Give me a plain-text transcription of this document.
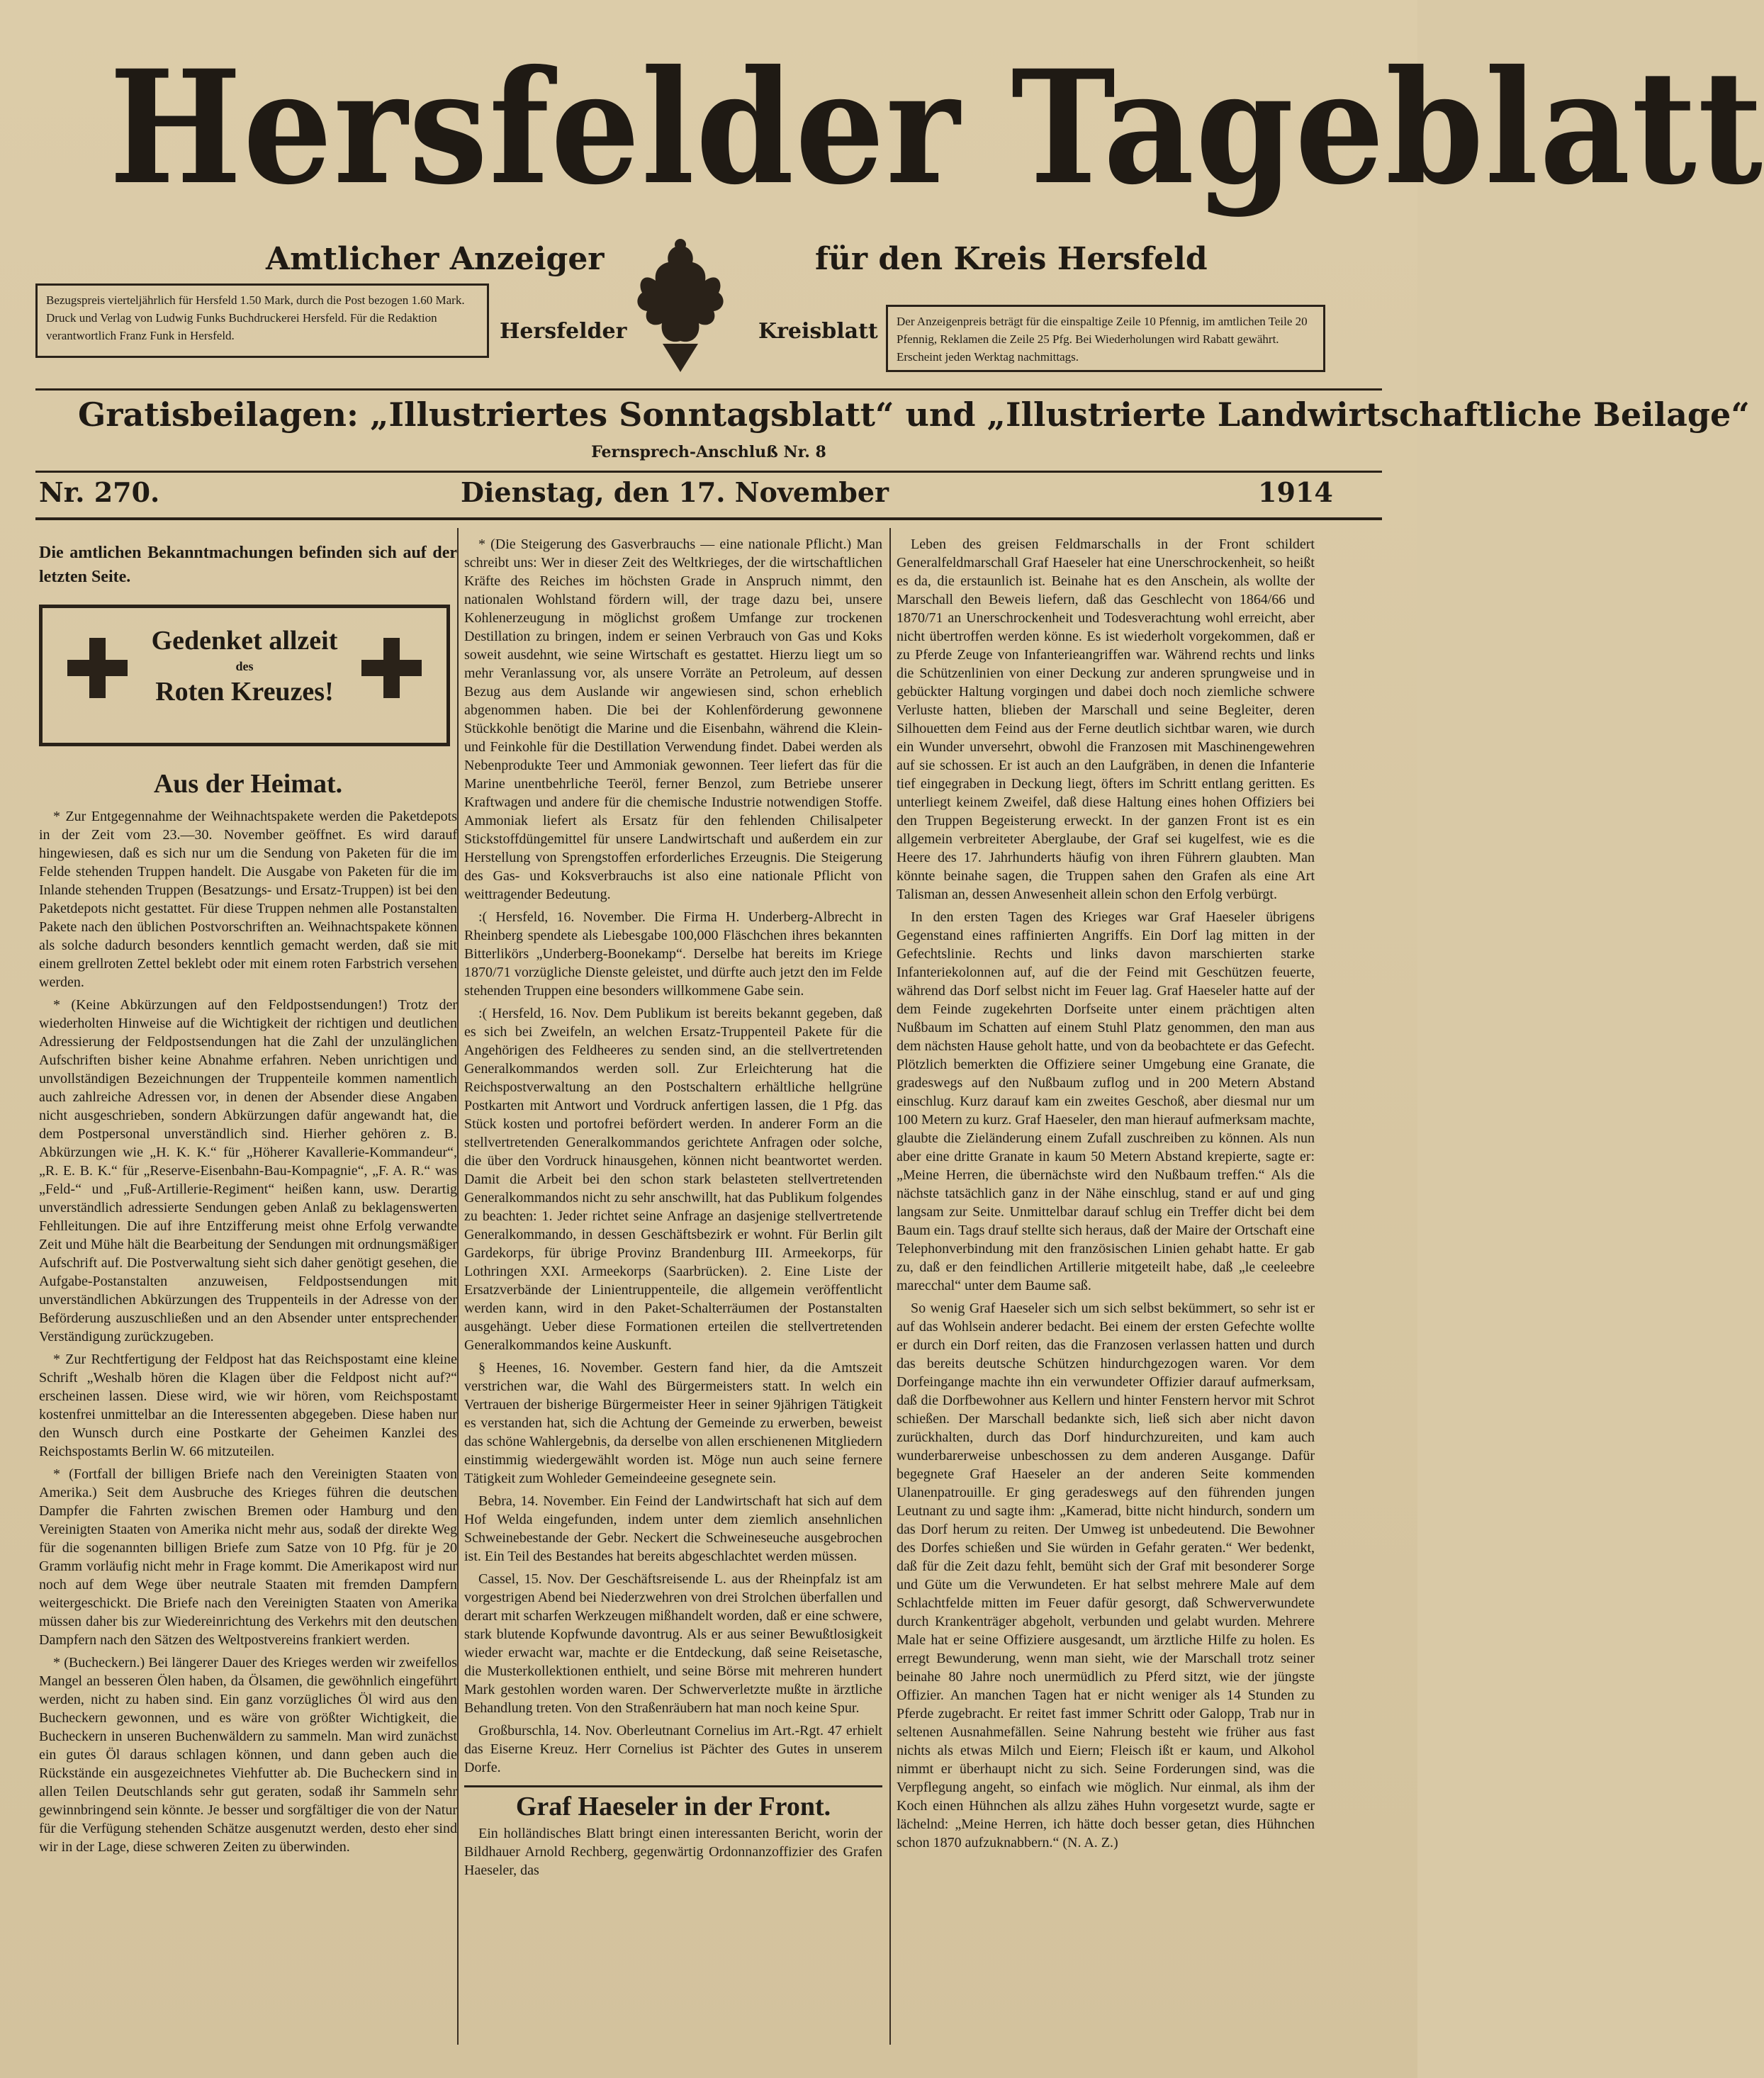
Hersfelder Tageblatt
Amtlicher Anzeiger	für den Kreis Hersfeld
Bezugspreis vierteljährlich für Hersfeld 1.50 Mark, durch die Post bezogen 1.60 Mark. Druck und Verlag von Ludwig Funks Buchdruckerei Hersfeld. Für die Redaktion verantwortlich Franz Funk in Hersfeld.	Hersfelder	Kreisblatt	Der Anzeigenpreis beträgt für die einspaltige Zeile 10 Pfennig, im amtlichen Teile 20 Pfennig, Reklamen die Zeile 25 Pfg. Bei Wiederholungen wird Rabatt gewährt. Erscheint jeden Werktag nachmittags.
Gratisbeilagen: „Illustriertes Sonntagsblatt“ und „Illustrierte Landwirtschaftliche Beilage“
Fernsprech-Anschluß Nr. 8
Nr. 270.	Dienstag, den 17. November	1914
Die amtlichen Bekanntmachungen befinden sich auf der letzten Seite.
Gedenket allzeit
des
Roten Kreuzes!
Aus der Heimat.

* Zur Entgegennahme der Weihnachtspakete werden die Paketdepots in der Zeit vom 23.—30. November geöffnet. Es wird darauf hingewiesen, daß es sich nur um die Sendung von Paketen für die im Felde stehenden Truppen handelt. Die Ausgabe von Paketen für die im Inlande stehenden Truppen (Besatzungs- und Ersatz-Truppen) ist bei den Paketdepots nicht gestattet. Für diese Truppen nehmen alle Postanstalten Pakete nach den üblichen Postvorschriften an. Weihnachtspakete können als solche dadurch besonders kenntlich gemacht werden, daß sie mit einem grellroten Zettel beklebt oder mit einem roten Farbstrich versehen werden.

* (Keine Abkürzungen auf den Feldpostsendungen!) Trotz der wiederholten Hinweise auf die Wichtigkeit der richtigen und deutlichen Adressierung der Feldpostsendungen hat die Zahl der unzulänglichen Aufschriften bisher keine Abnahme erfahren. Neben unrichtigen und unvollständigen Bezeichnungen der Truppenteile kommen namentlich auch zahlreiche Adressen vor, in denen der Absender diese Angaben nicht ausgeschrieben, sondern Abkürzungen dafür angewandt hat, die dem Postpersonal unverständlich sind. Hierher gehören z. B. Abkürzungen wie „H. K. K.“ für „Höherer Kavallerie-Kommandeur“, „R. E. B. K.“ für „Reserve-Eisenbahn-Bau-Kompagnie“, „F. A. R.“ was „Feld-“ und „Fuß-Artillerie-Regiment“ heißen kann, usw. Derartig unverständlich adressierte Sendungen geben Anlaß zu beklagenswerten Fehlleitungen. Die auf ihre Entzifferung meist ohne Erfolg verwandte Zeit und Mühe hält die Bearbeitung der Sendungen mit ordnungsmäßiger Aufschrift auf. Die Postverwaltung sieht sich daher genötigt gesehen, die Aufgabe-Postanstalten anzuweisen, Feldpostsendungen mit unverständlichen Abkürzungen des Truppenteils in der Adresse von der Beförderung auszuschließen und an den Absender unter entsprechender Verständigung zurückzugeben.

* Zur Rechtfertigung der Feldpost hat das Reichspostamt eine kleine Schrift „Weshalb hören die Klagen über die Feldpost nicht auf?“ erscheinen lassen. Diese wird, wie wir hören, vom Reichspostamt kostenfrei unmittelbar an die Interessenten abgegeben. Diese haben nur den Wunsch durch eine Postkarte der Geheimen Kanzlei des Reichspostamts Berlin W. 66 mitzuteilen.

* (Fortfall der billigen Briefe nach den Vereinigten Staaten von Amerika.) Seit dem Ausbruche des Krieges führen die deutschen Dampfer die Fahrten zwischen Bremen oder Hamburg und den Vereinigten Staaten von Amerika nicht mehr aus, sodaß der direkte Weg für die sogenannten billigen Briefe zum Satze von 10 Pfg. für je 20 Gramm vorläufig nicht mehr in Frage kommt. Die Amerikapost wird nur noch auf dem Wege über neutrale Staaten mit fremden Dampfern weitergeschickt. Die Briefe nach den Vereinigten Staaten von Amerika müssen daher bis zur Wiedereinrichtung des Verkehrs mit den deutschen Dampfern nach den Sätzen des Weltpostvereins frankiert werden.

* (Bucheckern.) Bei längerer Dauer des Krieges werden wir zweifellos Mangel an besseren Ölen haben, da Ölsamen, die gewöhnlich eingeführt werden, nicht zu haben sind. Ein ganz vorzügliches Öl wird aus den Bucheckern gewonnen, und es wäre von größter Wichtigkeit, die Bucheckern in unseren Buchenwäldern zu sammeln. Man wird zunächst ein gutes Öl daraus schlagen können, und dann geben auch die Rückstände ein ausgezeichnetes Viehfutter ab. Die Bucheckern sind in allen Teilen Deutschlands sehr gut geraten, sodaß ihr Sammeln sehr gewinnbringend sein könnte. Je besser und sorgfältiger die von der Natur für die Verfügung stehenden Schätze ausgenutzt werden, desto eher sind wir in der Lage, diese schweren Zeiten zu überwinden.

* (Die Steigerung des Gasverbrauchs — eine nationale Pflicht.) Man schreibt uns: Wer in dieser Zeit des Weltkrieges, der die wirtschaftlichen Kräfte des Reiches im höchsten Grade in Anspruch nimmt, den nationalen Wohlstand fördern will, der trage dazu bei, unsere Kohlenerzeugung in möglichst großem Umfange zur trockenen Destillation zu bringen, indem er seinen Verbrauch von Gas und Koks soweit ausdehnt, wie seine Wirtschaft es gestattet. Hierzu liegt um so mehr Veranlassung vor, als unsere Vorräte an Petroleum, auf dessen Bezug aus dem Auslande wir angewiesen sind, schon erheblich abgenommen haben. Die bei der Kohlenförderung gewonnene Stückkohle benötigt die Marine und die Eisenbahn, während die Klein- und Feinkohle für die Destillation Verwendung findet. Dabei werden als Nebenprodukte Teer und Ammoniak gewonnen. Teer liefert das für die Marine unentbehrliche Teeröl, ferner Benzol, zum Betriebe unserer Kraftwagen und andere für die chemische Industrie notwendigen Stoffe. Ammoniak liefert als Ersatz für den fehlenden Chilisalpeter Stickstoffdüngemittel für unsere Landwirtschaft und außerdem ein zur Herstellung von Sprengstoffen erforderliches Erzeugnis. Die Steigerung des Gas- und Koksverbrauchs ist also eine nationale Pflicht von weittragender Bedeutung.

:( Hersfeld, 16. November. Die Firma H. Underberg-Albrecht in Rheinberg spendete als Liebesgabe 100,000 Fläschchen ihres bekannten Bitterlikörs „Underberg-Boonekamp“. Derselbe hat bereits im Kriege 1870/71 vorzügliche Dienste geleistet, und dürfte auch jetzt den im Felde stehenden Truppen eine besonders willkommene Gabe sein.

:( Hersfeld, 16. Nov. Dem Publikum ist bereits bekannt gegeben, daß es sich bei Zweifeln, an welchen Ersatz-Truppenteil Pakete für die Angehörigen des Feldheeres zu senden sind, an die stellvertretenden Generalkommandos werden soll. Zur Erleichterung hat die Reichspostverwaltung an den Postschaltern erhältliche hellgrüne Postkarten mit Antwort und Vordruck anfertigen lassen, die 1 Pfg. das Stück kosten und portofrei befördert werden. In anderer Form an die stellvertretenden Generalkommandos gerichtete Anfragen oder solche, die über den Vordruck hinausgehen, können nicht beantwortet werden. Damit die Arbeit bei den schon stark belasteten stellvertretenden Generalkommandos nicht zu sehr anschwillt, hat das Publikum folgendes zu beachten: 1. Jeder richtet seine Anfrage an dasjenige stellvertretende Generalkommando, in dessen Geschäftsbezirk er wohnt. Für Berlin gilt Gardekorps, für übrige Provinz Brandenburg III. Armeekorps, für Lothringen XXI. Armeekorps (Saarbrücken). 2. Eine Liste der Ersatzverbände der Linientruppenteile, die allgemein veröffentlicht werden kann, wird in den Paket-Schalterräumen der Postanstalten ausgehängt. Ueber diese Formationen erteilen die stellvertretenden Generalkommandos keine Auskunft.

§ Heenes, 16. November. Gestern fand hier, da die Amtszeit verstrichen war, die Wahl des Bürgermeisters statt. In welch ein Vertrauen der bisherige Bürgermeister Heer in seiner 9jährigen Tätigkeit es verstanden hat, sich die Achtung der Gemeinde zu erwerben, beweist das schöne Wahlergebnis, da derselbe von allen erschienenen Mitgliedern einstimmig wiedergewählt worden ist. Möge nun auch seine fernere Tätigkeit zum Wohleder Gemeindeeine gesegnete sein.

Bebra, 14. November. Ein Feind der Landwirtschaft hat sich auf dem Hof Welda eingefunden, indem unter dem ziemlich ansehnlichen Schweinebestande der Gebr. Neckert die Schweineseuche ausgebrochen ist. Ein Teil des Bestandes hat bereits abgeschlachtet werden müssen.

Cassel, 15. Nov. Der Geschäftsreisende L. aus der Rheinpfalz ist am vorgestrigen Abend bei Niederzwehren von drei Strolchen überfallen und derart mit scharfen Werkzeugen mißhandelt worden, daß er eine schwere, stark blutende Kopfwunde davontrug. Als er aus seiner Bewußtlosigkeit wieder erwacht war, machte er die Entdeckung, daß seine Reisetasche, die Musterkollektionen enthielt, und seine Börse mit mehreren hundert Mark gestohlen worden waren. Der Schwerverletzte mußte in ärztliche Behandlung treten. Von den Straßenräubern hat man noch keine Spur.

Großburschla, 14. Nov. Oberleutnant Cornelius im Art.-Rgt. 47 erhielt das Eiserne Kreuz. Herr Cornelius ist Pächter des Gutes in unserem Dorfe.

Graf Haeseler in der Front.

Ein holländisches Blatt bringt einen interessanten Bericht, worin der Bildhauer Arnold Rechberg, gegenwärtig Ordonnanzoffizier des Grafen Haeseler, das

Leben des greisen Feldmarschalls in der Front schildert Generalfeldmarschall Graf Haeseler hat eine Unerschrockenheit, so heißt es da, die erstaunlich ist. Beinahe hat es den Anschein, als wollte der Marschall den Beweis liefern, daß das Geschlecht von 1864/66 und 1870/71 an Unerschrockenheit und Todesverachtung wohl erreicht, aber nicht übertroffen werden könne. Es ist wiederholt vorgekommen, daß er zu Pferde Zeuge von Infanterieangriffen war. Während rechts und links die Schützenlinien von einer Deckung zur anderen sprungweise und in gebückter Haltung vorgingen und dabei doch noch ziemliche schwere Verluste hatten, blieben der Marschall und seine Begleiter, deren Silhouetten dem Feind aus der Ferne deutlich sichtbar waren, wie durch ein Wunder unversehrt, obwohl die Franzosen mit Maschinengewehren auf sie schossen. Er ist auch an den Laufgräben, in denen die Infanterie tief eingegraben in Deckung liegt, öfters im Schritt entlang geritten. Es unterliegt keinem Zweifel, daß diese Haltung eines hohen Offiziers bei den Truppen Begeisterung erweckt. In der ganzen Front ist es ein allgemein verbreiteter Aberglaube, der Graf sei kugelfest, wie es die Heere des 17. Jahrhunderts häufig von ihren Führern glaubten. Man könnte beinahe sagen, die Truppen sahen den Grafen als eine Art Talisman an, dessen Anwesenheit allein schon den Erfolg verbürgt.

In den ersten Tagen des Krieges war Graf Haeseler übrigens Gegenstand eines raffinierten Angriffs. Ein Dorf lag mitten in der Gefechtslinie. Rechts und links davon marschierten starke Infanteriekolonnen auf, auf die der Feind mit Geschützen feuerte, während das Dorf selbst nicht im Feuer lag. Graf Haeseler hatte auf der dem Feinde zugekehrten Dorfseite unter einem prächtigen alten Nußbaum im Schatten auf einem Stuhl Platz genommen, den man aus dem nächsten Hause geholt hatte, und von da beobachtete er das Gefecht. Plötzlich bemerkten die Offiziere seiner Umgebung eine Granate, die gradeswegs auf den Nußbaum zuflog und in 200 Metern Abstand einschlug. Kurz darauf kam ein zweites Geschoß, aber diesmal nur um 100 Metern zu kurz. Graf Haeseler, den man hierauf aufmerksam machte, glaubte die Zieländerung einem Zufall zuschreiben zu können. Als nun aber eine dritte Granate in kaum 50 Metern Abstand krepierte, sagte er: „Meine Herren, die übernächste wird den Nußbaum treffen.“ Als die nächste tatsächlich ganz in der Nähe einschlug, stand er auf und ging langsam zur Seite. Unmittelbar darauf schlug ein Treffer dicht bei dem Baum ein. Tags drauf stellte sich heraus, daß der Maire der Ortschaft eine Telephonverbindung mit den französischen Linien gehabt hatte. Er gab zu, daß er den feindlichen Artillerie mitgeteilt habe, daß „le ceeleebre marecchal“ unter dem Baume saß.

So wenig Graf Haeseler sich um sich selbst bekümmert, so sehr ist er auf das Wohlsein anderer bedacht. Bei einem der ersten Gefechte wollte er durch ein Dorf reiten, das die Franzosen verlassen hatten und durch das bereits deutsche Schützen hindurchgezogen waren. Vor dem Dorfeingange machte ihn ein verwundeter Offizier darauf aufmerksam, daß die Dorfbewohner aus Kellern und hinter Fenstern hervor mit Schrot schießen. Der Marschall bedankte sich, ließ sich aber nicht davon zurückhalten, durch das Dorf hindurchzureiten, und kam auch wunderbarerweise unbeschossen zu dem anderen Ausgange. Dafür begegnete Graf Haeseler an der anderen Seite kommenden Ulanenpatrouille. Er ging geradeswegs auf den führenden jungen Leutnant zu und sagte ihm: „Kamerad, bitte nicht hindurch, sondern um das Dorf herum zu reiten. Der Umweg ist unbedeutend. Die Bewohner des Dorfes schießen und Sie würden in Gefahr geraten.“ Wer bedenkt, daß für die Zeit dazu fehlt, bemüht sich der Graf mit besonderer Sorge und Güte um die Verwundeten. Er hat selbst mehrere Male auf dem Schlachtfelde mitten im Feuer dafür gesorgt, daß Schwerverwundete durch Krankenträger abgeholt, verbunden und gelabt wurden. Mehrere Male hat er seine Offiziere ausgesandt, um ärztliche Hilfe zu holen. Es erregt Bewunderung, wenn man sieht, wie der Marschall trotz seiner beinahe 80 Jahre noch unermüdlich zu Pferd sitzt, wie der jüngste Offizier. An manchen Tagen hat er nicht weniger als 14 Stunden zu Pferde zugebracht. Er reitet fast immer Schritt oder Galopp, Trab nur in seltenen Ausnahmefällen. Seine Nahrung besteht wie früher aus fast nichts als etwas Milch und Eiern; Fleisch ißt er kaum, und Alkohol nimmt er überhaupt nicht zu sich. Seine Forderungen sind, was die Verpflegung angeht, so einfach wie möglich. Nur einmal, als ihm der Koch einen Hühnchen als allzu zähes Huhn vorgesetzt wurde, sagte er lächelnd: „Meine Herren, ich hätte doch besser getan, dies Hühnchen schon 1870 aufzuknabbern.“ (N. A. Z.)
